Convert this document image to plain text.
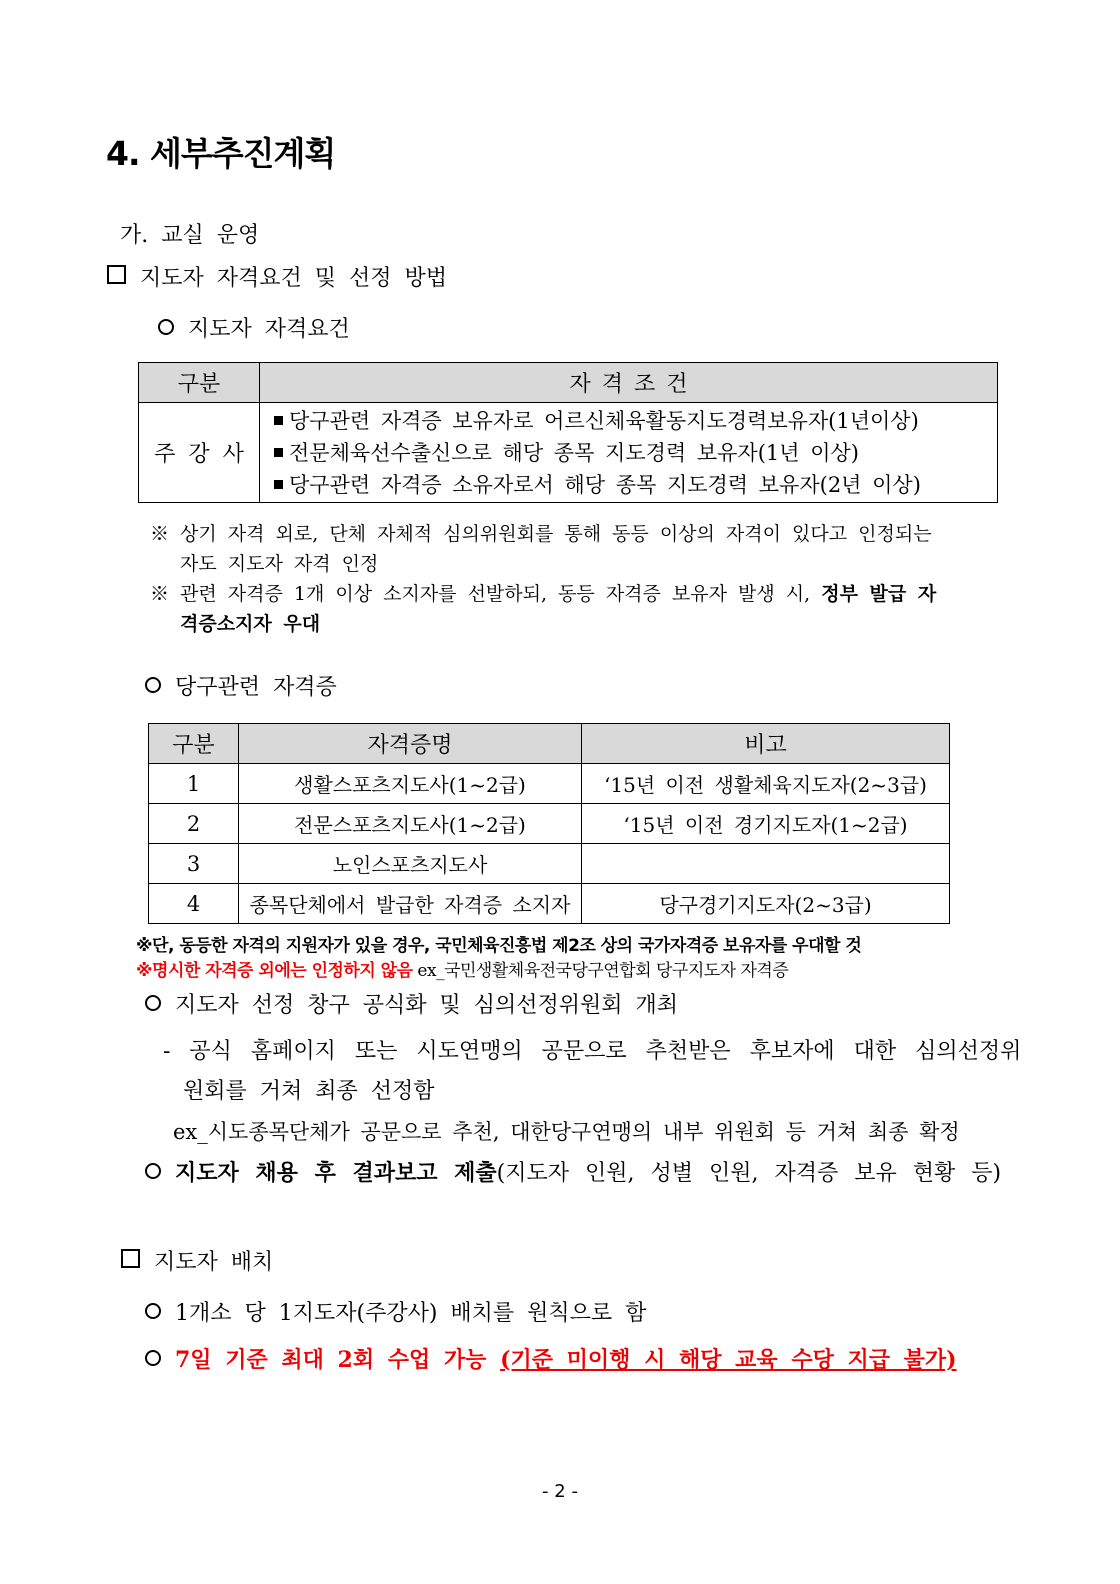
4. 세부추진계획
가. 교실 운영
지도자 자격요건 및 선정 방법
지도자 자격요건
구분	자 격 조 건
주 강 사	당구관련 자격증 보유자로 어르신체육활동지도경력보유자(1년이상)
전문체육선수출신으로 해당 종목 지도경력 보유자(1년 이상)
당구관련 자격증 소유자로서 해당 종목 지도경력 보유자(2년 이상)
※ 상기 자격 외로, 단체 자체적 심의위원회를 통해 동등 이상의 자격이 있다고 인정되는
자도 지도자 자격 인정
※ 관련 자격증 1개 이상 소지자를 선발하되, 동등 자격증 보유자 발생 시, 정부 발급 자
격증소지자 우대
당구관련 자격증
구분	자격증명	비고
1	생활스포츠지도사(1~2급)	‘15년 이전 생활체육지도자(2~3급)
2	전문스포츠지도사(1~2급)	‘15년 이전 경기지도자(1~2급)
3	노인스포츠지도사	
4	종목단체에서 발급한 자격증 소지자	당구경기지도자(2~3급)
※단, 동등한 자격의 지원자가 있을 경우, 국민체육진흥법 제2조 상의 국가자격증 보유자를 우대할 것
※명시한 자격증 외에는 인정하지 않음 ex_국민생활체육전국당구연합회 당구지도자 자격증
지도자 선정 창구 공식화 및 심의선정위원회 개최
- 공식 홈페이지 또는 시도연맹의 공문으로 추천받은 후보자에 대한 심의선정위
원회를 거쳐 최종 선정함
ex_시도종목단체가 공문으로 추천, 대한당구연맹의 내부 위원회 등 거쳐 최종 확정
지도자 채용 후 결과보고 제출(지도자 인원, 성별 인원, 자격증 보유 현황 등)
지도자 배치
1개소 당 1지도자(주강사) 배치를 원칙으로 함
7일 기준 최대 2회 수업 가능 (기준 미이행 시 해당 교육 수당 지급 불가)
- 2 -
